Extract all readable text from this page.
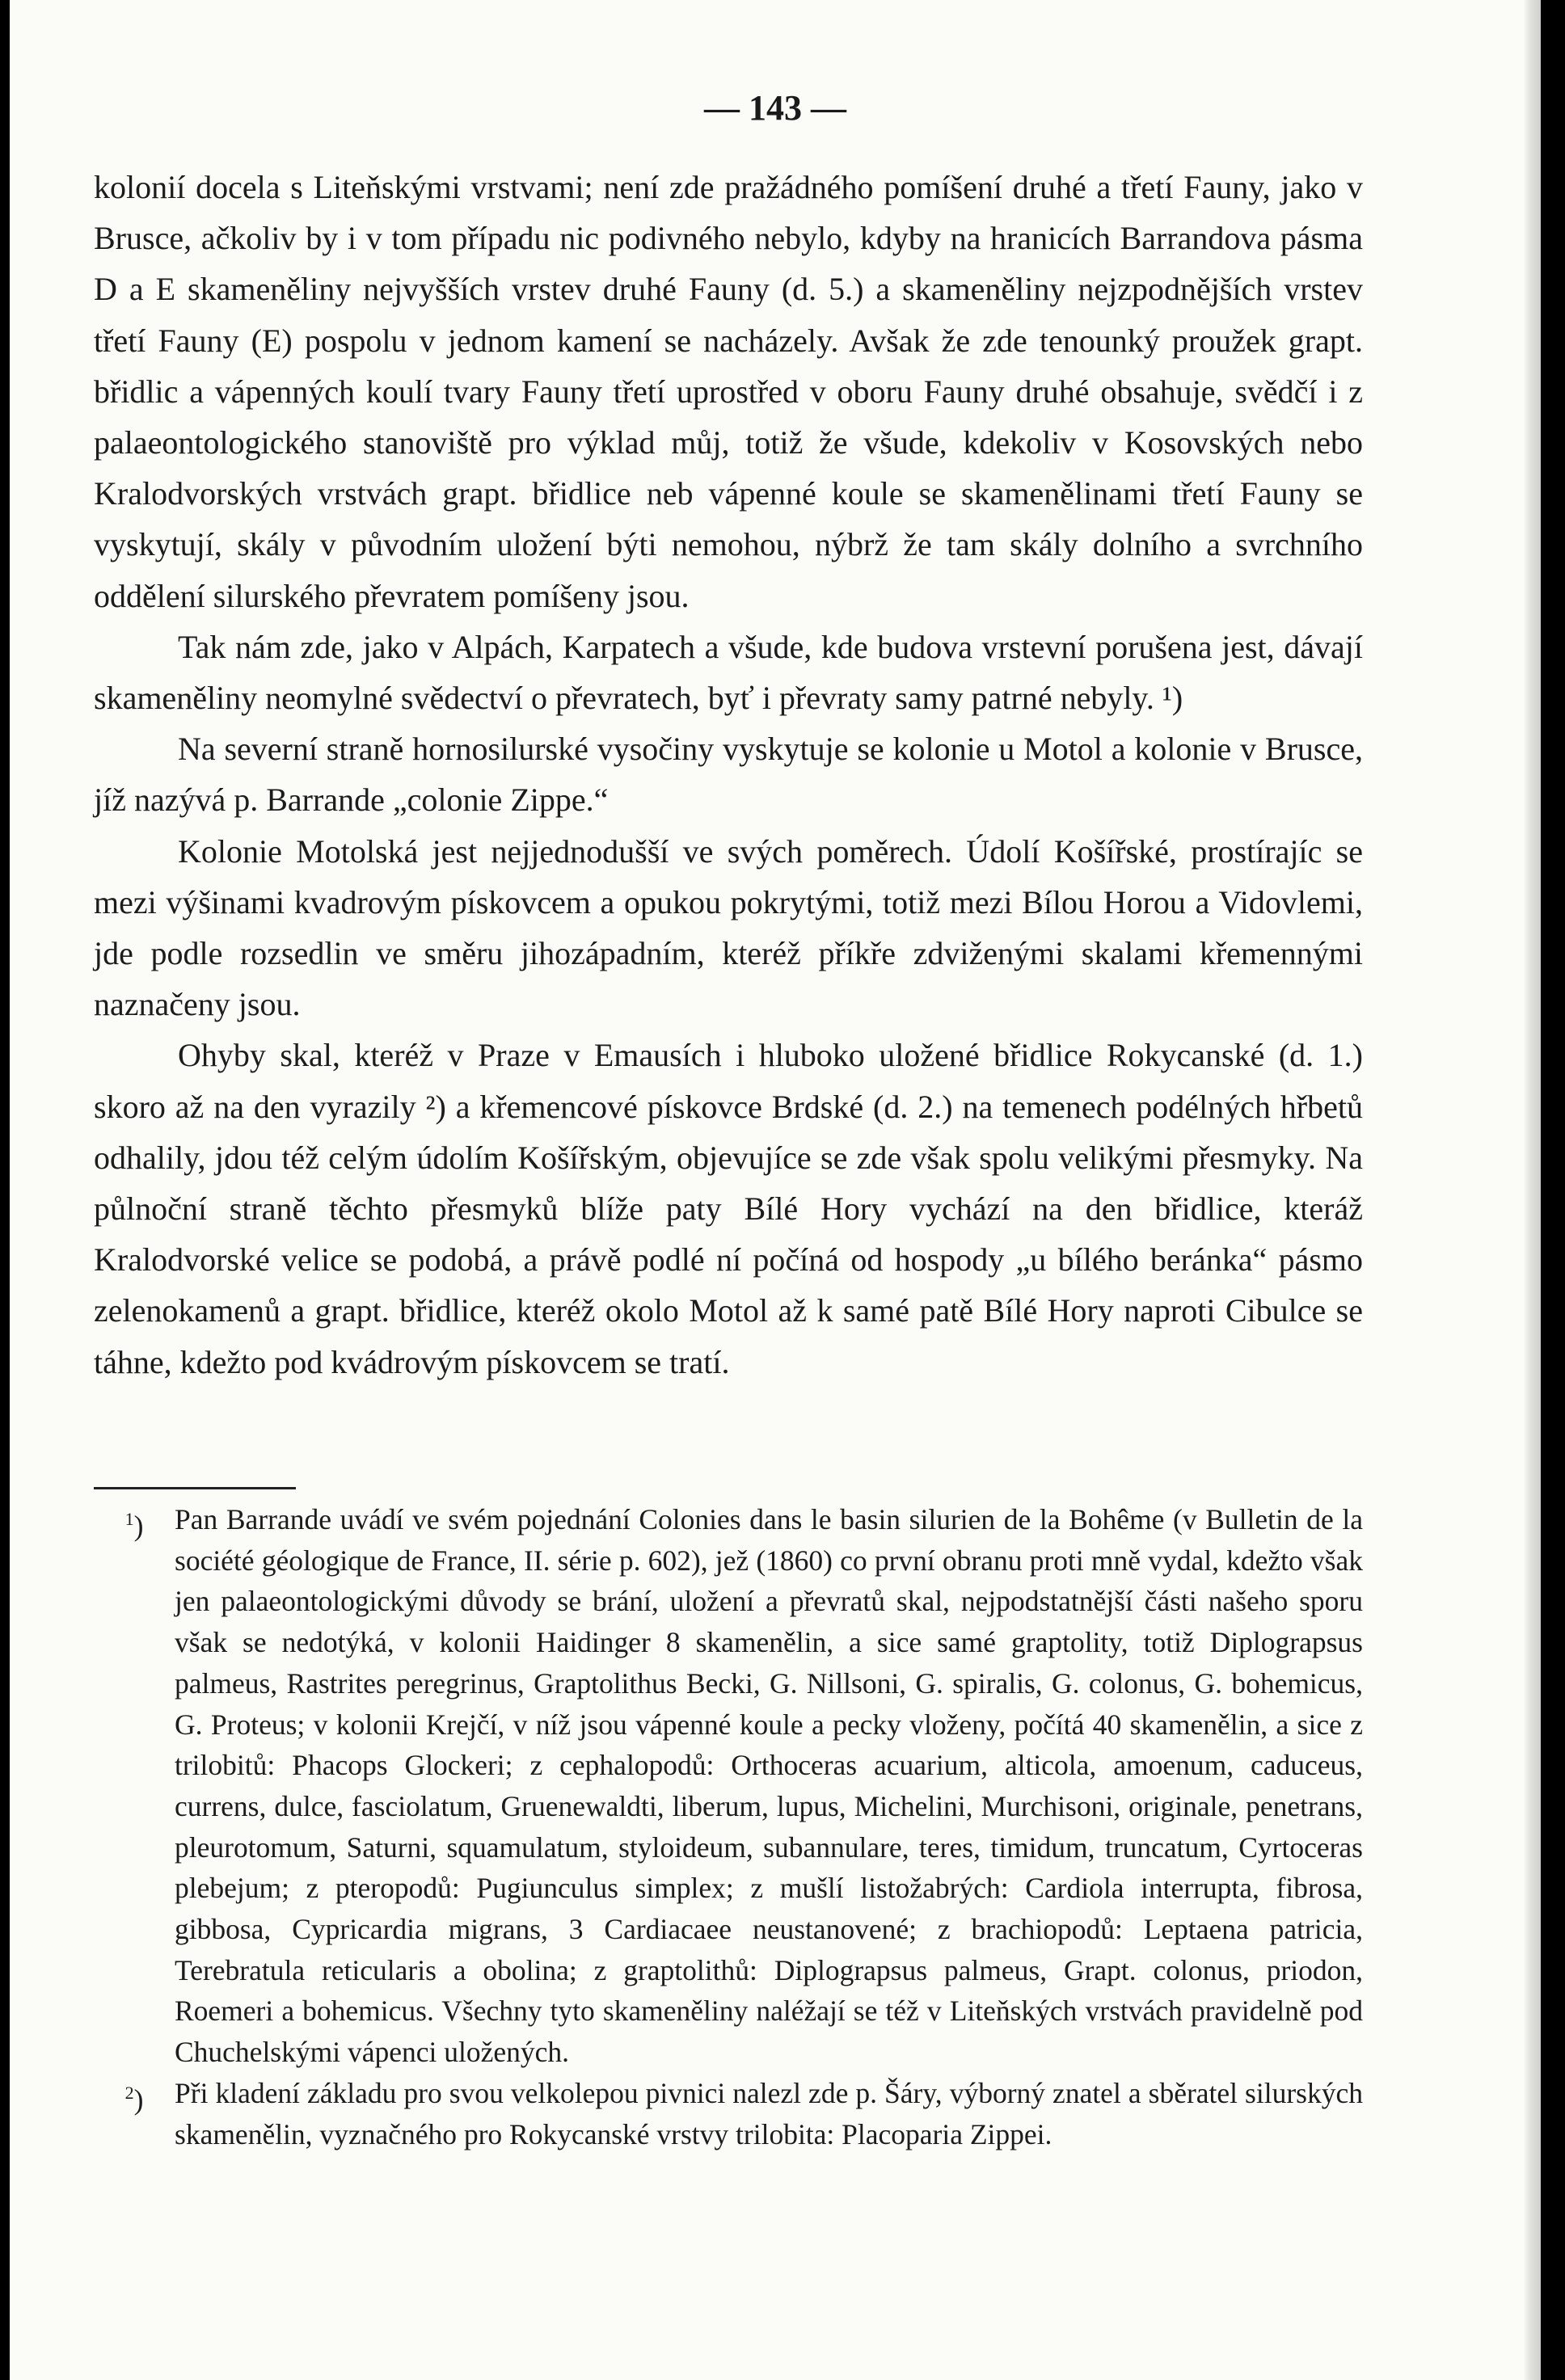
— 143 —

kolonií docela s Liteňskými vrstvami; není zde pražádného pomíšení druhé a třetí Fauny, jako v Brusce, ačkoliv by i v tom případu nic podivného nebylo, kdyby na hranicích Barrandova pásma D a E skameněliny nejvyšších vrstev druhé Fauny (d. 5.) a skameněliny nejzpodnějších vrstev třetí Fauny (E) pospolu v jednom kamení se nacházely. Avšak že zde tenounký proužek grapt. břidlic a vápenných koulí tvary Fauny třetí uprostřed v oboru Fauny druhé obsahuje, svědčí i z palaeontologického stanoviště pro výklad můj, totiž že všude, kdekoliv v Kosovských nebo Kralodvorských vrstvách grapt. břidlice neb vápenné koule se skamenělinami třetí Fauny se vyskytují, skály v původním uložení býti nemohou, nýbrž že tam skály dolního a svrchního oddělení silurského převratem pomíšeny jsou.

Tak nám zde, jako v Alpách, Karpatech a všude, kde budova vrstevní porušena jest, dávají skameněliny neomylné svědectví o převratech, byť i převraty samy patrné nebyly. ¹)

Na severní straně hornosilurské vysočiny vyskytuje se kolonie u Motol a kolonie v Brusce, jíž nazývá p. Barrande „colonie Zippe.“

Kolonie Motolská jest nejjednodušší ve svých poměrech. Údolí Košířské, prostírajíc se mezi výšinami kvadrovým pískovcem a opukou pokrytými, totiž mezi Bílou Horou a Vidovlemi, jde podle rozsedlin ve směru jihozápadním, kteréž příkře zdviženými skalami křemennými naznačeny jsou.

Ohyby skal, kteréž v Praze v Emausích i hluboko uložené břidlice Rokycanské (d. 1.) skoro až na den vyrazily ²) a křemencové pískovce Brdské (d. 2.) na temenech podélných hřbetů odhalily, jdou též celým údolím Košířským, objevujíce se zde však spolu velikými přesmyky. Na půlnoční straně těchto přesmyků blíže paty Bílé Hory vychází na den břidlice, kteráž Kralodvorské velice se podobá, a právě podlé ní počíná od hospody „u bílého beránka“ pásmo zelenokamenů a grapt. břidlice, kteréž okolo Motol až k samé patě Bílé Hory naproti Cibulce se táhne, kdežto pod kvádrovým pískovcem se tratí.

$^1$)	Pan Barrande uvádí ve svém pojednání Colonies dans le basin silurien de la Bohême (v Bulletin de la société géologique de France, II. série p. 602), jež (1860) co první obranu proti mně vydal, kdežto však jen palaeontologickými důvody se brání, uložení a převratů skal, nejpodstatnější části našeho sporu však se nedotýká, v kolonii Haidinger 8 skamenělin, a sice samé graptolity, totiž Diplograpsus palmeus, Rastrites peregrinus, Graptolithus Becki, G. Nillsoni, G. spiralis, G. colonus, G. bohemicus, G. Proteus; v kolonii Krejčí, v níž jsou vápenné koule a pecky vloženy, počítá 40 skamenělin, a sice z trilobitů: Phacops Glockeri; z cephalopodů: Orthoceras acuarium, alticola, amoenum, caduceus, currens, dulce, fasciolatum, Gruenewaldti, liberum, lupus, Michelini, Murchisoni, originale, penetrans, pleurotomum, Saturni, squamulatum, styloideum, subannulare, teres, timidum, truncatum, Cyrtoceras plebejum; z pteropodů: Pugiunculus simplex; z mušlí listožabrých: Cardiola interrupta, fibrosa, gibbosa, Cypricardia migrans, 3 Cardiacaee neustanovené; z brachiopodů: Leptaena patricia, Terebratula reticularis a obolina; z graptolithů: Diplograpsus palmeus, Grapt. colonus, priodon, Roemeri a bohemicus. Všechny tyto skameněliny naléžají se též v Liteňských vrstvách pravidelně pod Chuchelskými vápenci uložených.

$^2$)	Při kladení základu pro svou velkolepou pivnici nalezl zde p. Šáry, výborný znatel a sběratel silurských skamenělin, vyznačného pro Rokycanské vrstvy trilobita: Placoparia Zippei.
